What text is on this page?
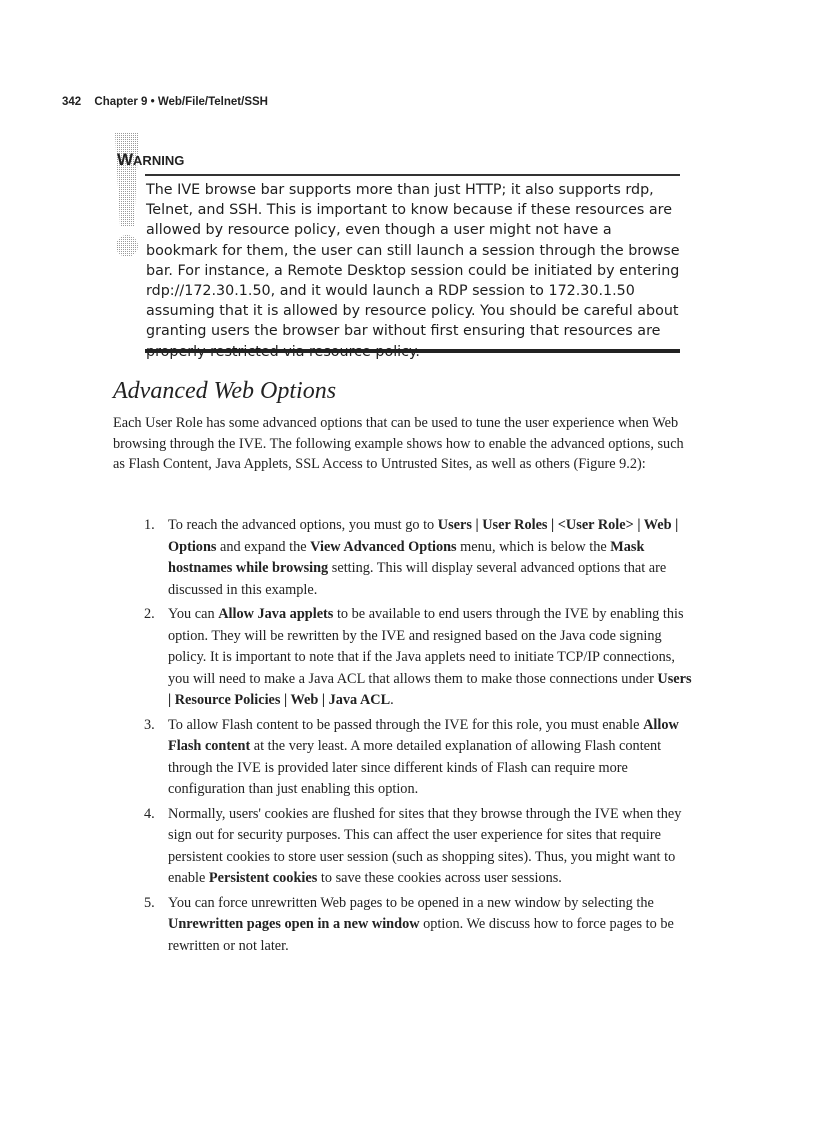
342 Chapter 9 • Web/File/Telnet/SSH
WARNING
The IVE browse bar supports more than just HTTP; it also supports rdp, Telnet, and SSH. This is important to know because if these resources are allowed by resource policy, even though a user might not have a bookmark for them, the user can still launch a session through the browse bar. For instance, a Remote Desktop session could be initiated by entering rdp://172.30.1.50, and it would launch a RDP session to 172.30.1.50 assuming that it is allowed by resource policy. You should be careful about granting users the browser bar without first ensuring that resources are
Advanced Web Options
Each User Role has some advanced options that can be used to tune the user experience when Web browsing through the IVE. The following example shows how to enable the advanced options, such as Flash Content, Java Applets, SSL Access to Untrusted Sites, as well as others (Figure 9.2):
1. To reach the advanced options, you must go to Users | User Roles | <User Role> | Web | Options and expand the View Advanced Options menu, which is below the Mask hostnames while browsing setting. This will display several advanced options that are discussed in this example.
2. You can Allow Java applets to be available to end users through the IVE by enabling this option. They will be rewritten by the IVE and resigned based on the Java code signing policy. It is important to note that if the Java applets need to initiate TCP/IP connections, you will need to make a Java ACL that allows them to make those connections under Users | Resource Policies | Web | Java ACL.
3. To allow Flash content to be passed through the IVE for this role, you must enable Allow Flash content at the very least. A more detailed explanation of allowing Flash content through the IVE is provided later since different kinds of Flash can require more configuration than just enabling this option.
4. Normally, users' cookies are flushed for sites that they browse through the IVE when they sign out for security purposes. This can affect the user experience for sites that require persistent cookies to store user session (such as shopping sites). Thus, you might want to enable Persistent cookies to save these cookies across user sessions.
5. You can force unrewritten Web pages to be opened in a new window by selecting the Unrewritten pages open in a new window option. We discuss how to force pages to be rewritten or not later.
